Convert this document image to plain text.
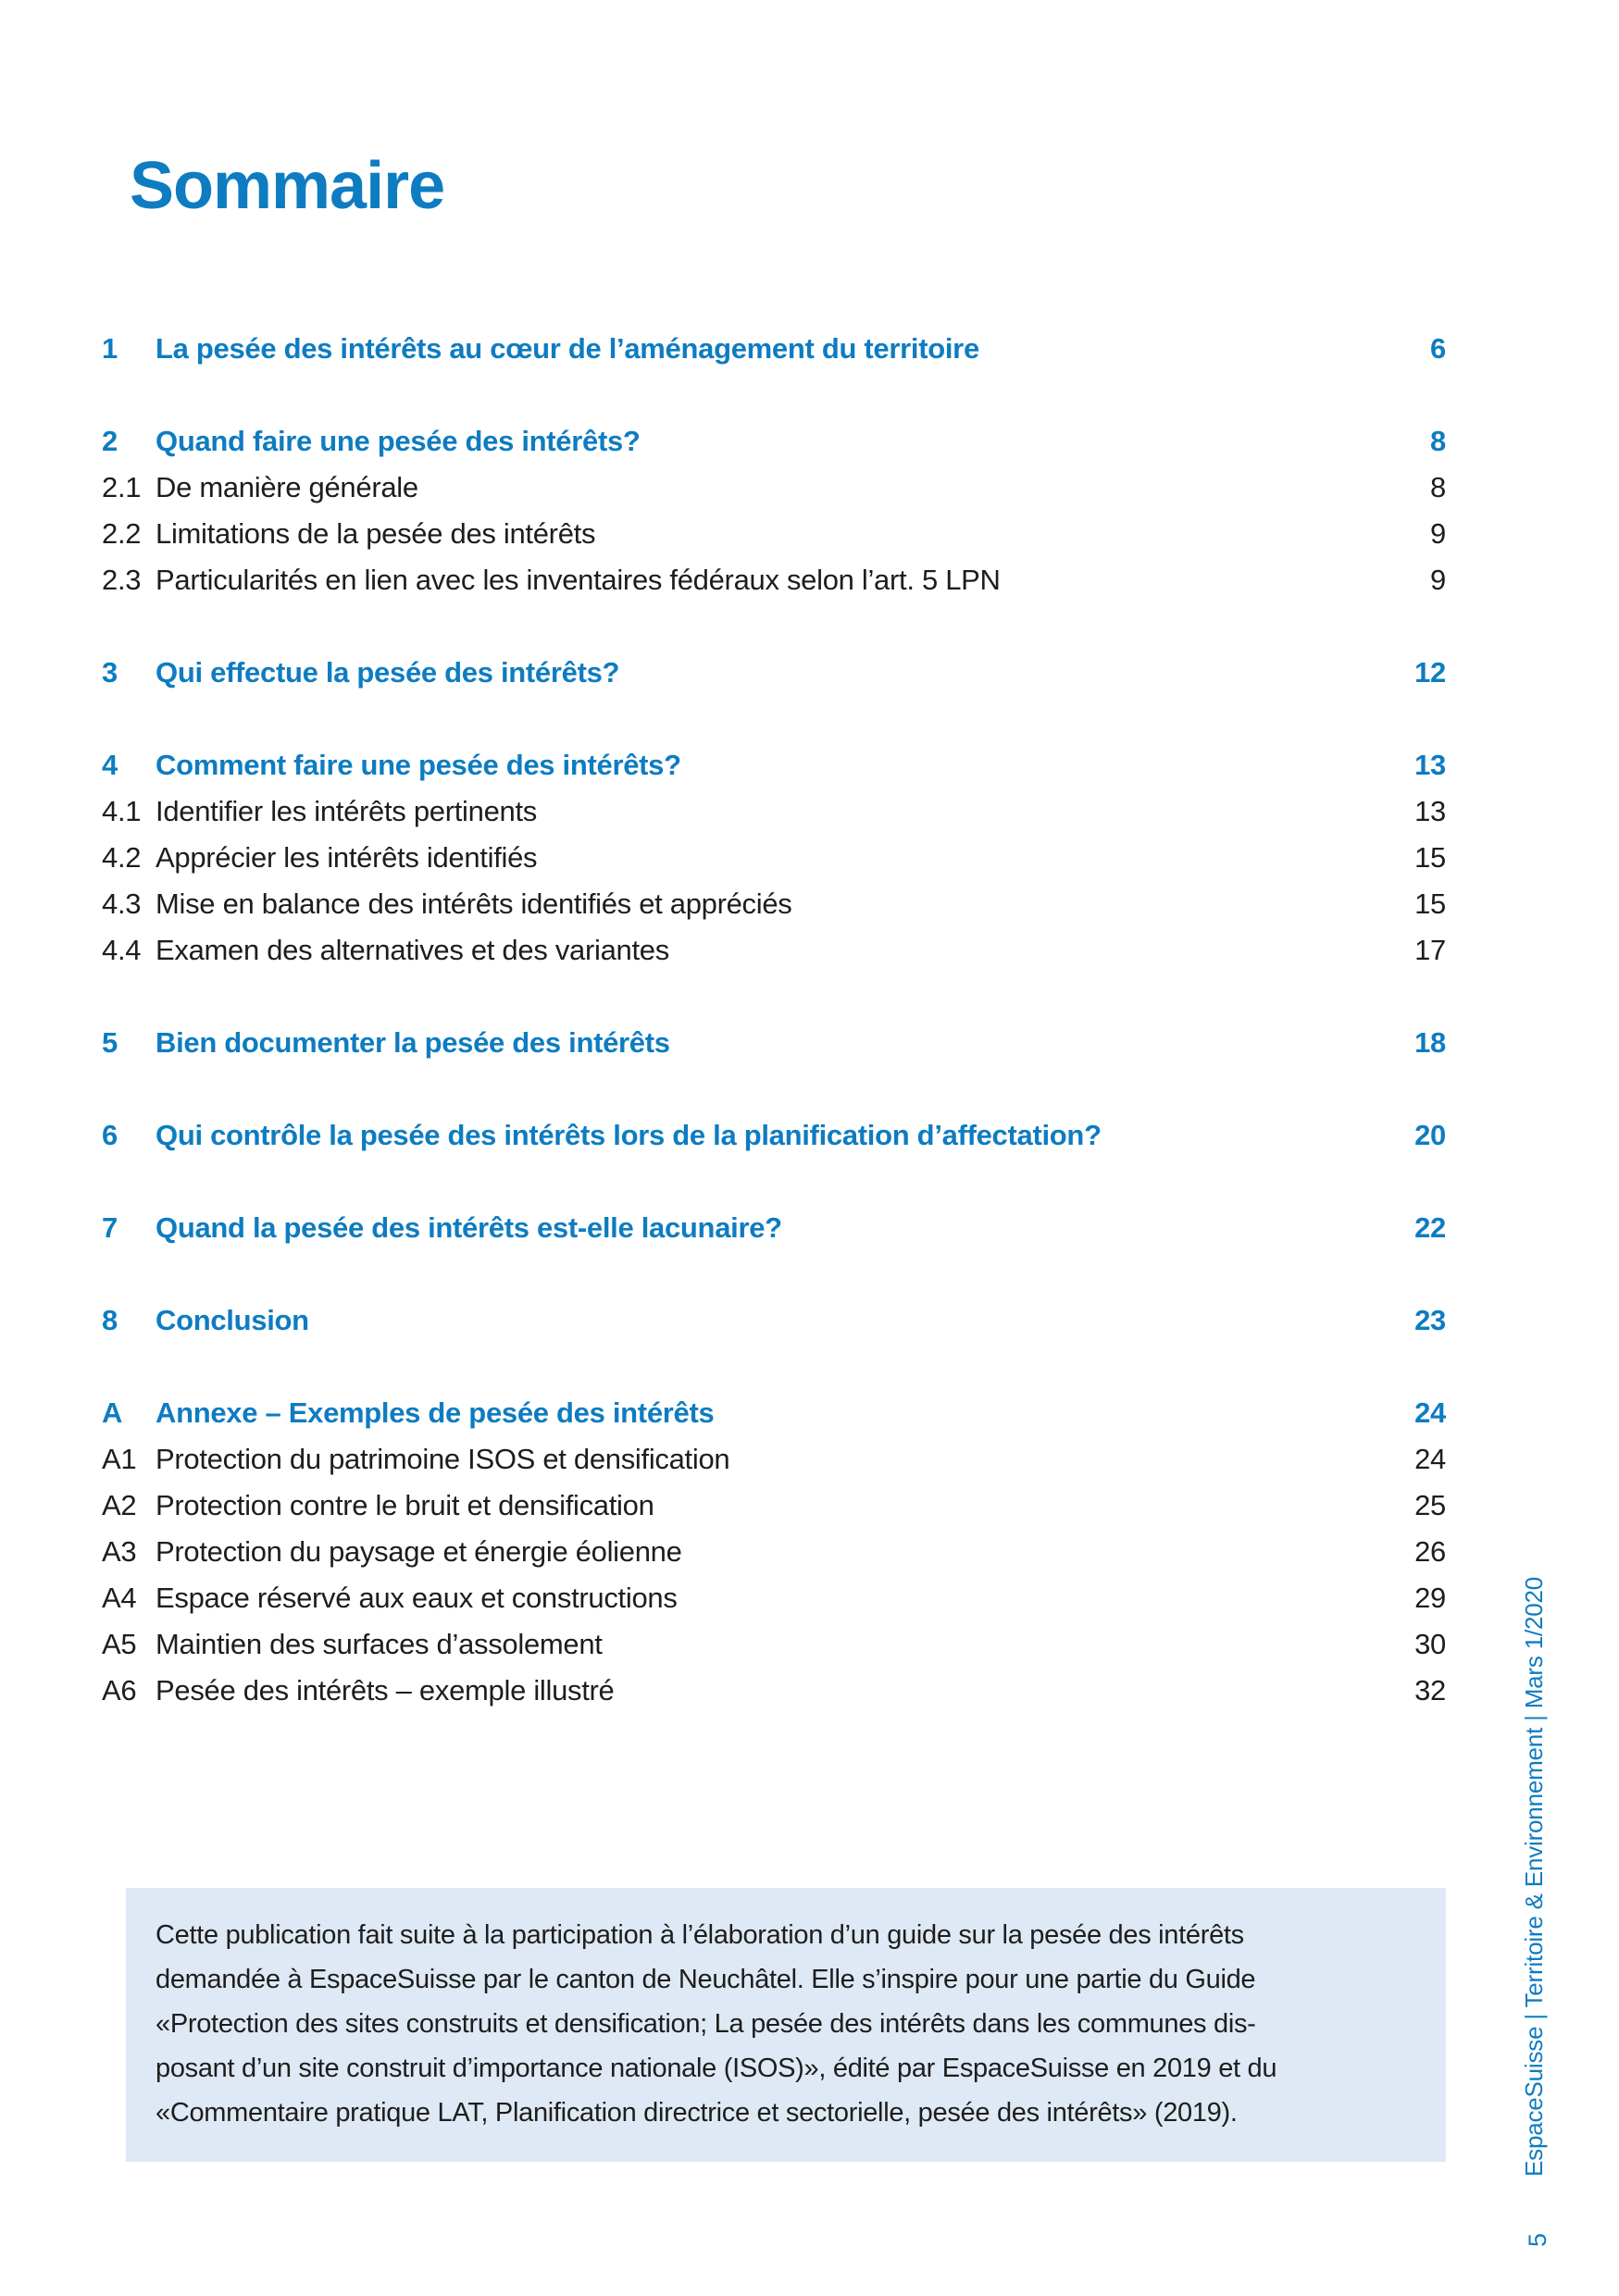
Sommaire
1	La pesée des intérêts au cœur de l’aménagement du territoire	6
2	Quand faire une pesée des intérêts?	8
2.1 De manière générale	8
2.2 Limitations de la pesée des intérêts	9
2.3 Particularités en lien avec les inventaires fédéraux selon l’art. 5 LPN	9
3	Qui effectue la pesée des intérêts?	12
4	Comment faire une pesée des intérêts?	13
4.1 Identifier les intérêts pertinents	13
4.2 Apprécier les intérêts identifiés	15
4.3 Mise en balance des intérêts identifiés et appréciés	15
4.4 Examen des alternatives et des variantes	17
5	Bien documenter la pesée des intérêts	18
6	Qui contrôle la pesée des intérêts lors de la planification d’affectation?	20
7	Quand la pesée des intérêts est-elle lacunaire?	22
8	Conclusion	23
A	Annexe – Exemples de pesée des intérêts	24
A1 Protection du patrimoine ISOS et densification	24
A2 Protection contre le bruit et densification	25
A3 Protection du paysage et énergie éolienne	26
A4 Espace réservé aux eaux et constructions	29
A5 Maintien des surfaces d’assolement	30
A6 Pesée des intérêts – exemple illustré	32
Cette publication fait suite à la participation à l’élaboration d’un guide sur la pesée des intérêts
demandée à EspaceSuisse par le canton de Neuchâtel. Elle s’inspire pour une partie du Guide
«Protection des sites construits et densification; La pesée des intérêts dans les communes dis-
posant d’un site construit d’importance nationale (ISOS)», édité par EspaceSuisse en 2019 et du
«Commentaire pratique LAT, Planification directrice et sectorielle, pesée des intérêts» (2019).	EspaceSuisse | Territoire & Environnement | Mars 1/2020
5
